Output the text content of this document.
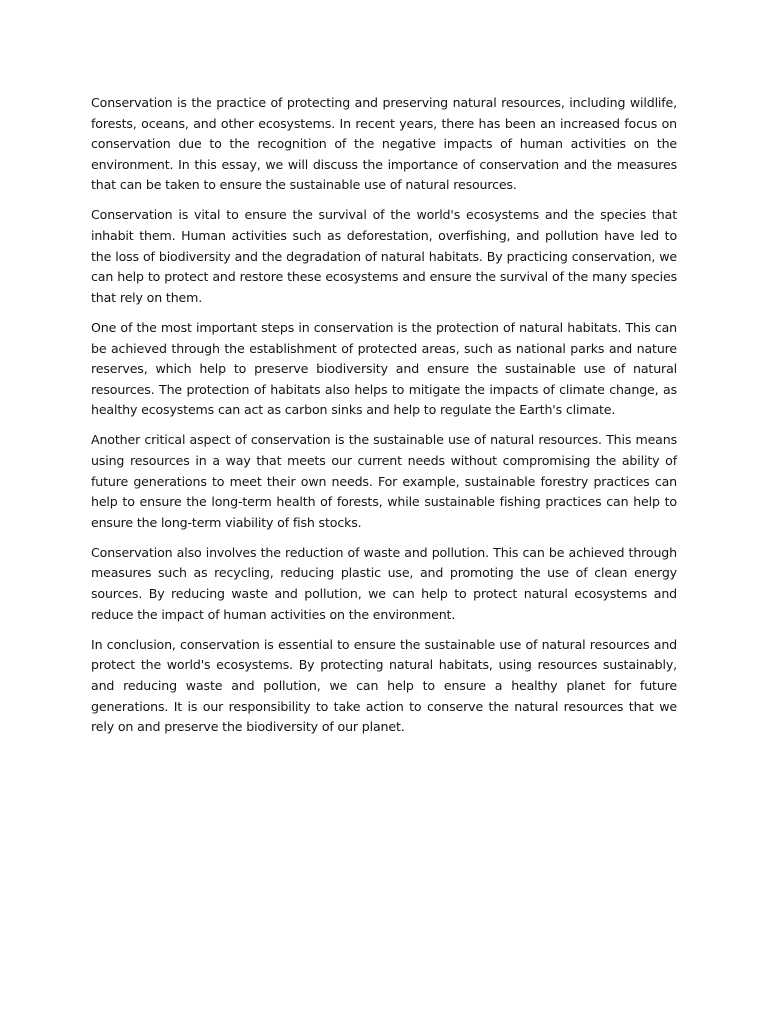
Conservation is the practice of protecting and preserving natural resources, including wildlife, forests, oceans, and other ecosystems. In recent years, there has been an increased focus on conservation due to the recognition of the negative impacts of human activities on the environment. In this essay, we will discuss the importance of conservation and the measures that can be taken to ensure the sustainable use of natural resources.

Conservation is vital to ensure the survival of the world's ecosystems and the species that inhabit them. Human activities such as deforestation, overfishing, and pollution have led to the loss of biodiversity and the degradation of natural habitats. By practicing conservation, we can help to protect and restore these ecosystems and ensure the survival of the many species that rely on them.

One of the most important steps in conservation is the protection of natural habitats. This can be achieved through the establishment of protected areas, such as national parks and nature reserves, which help to preserve biodiversity and ensure the sustainable use of natural resources. The protection of habitats also helps to mitigate the impacts of climate change, as healthy ecosystems can act as carbon sinks and help to regulate the Earth's climate.

Another critical aspect of conservation is the sustainable use of natural resources. This means using resources in a way that meets our current needs without compromising the ability of future generations to meet their own needs. For example, sustainable forestry practices can help to ensure the long-term health of forests, while sustainable fishing practices can help to ensure the long-term viability of fish stocks.

Conservation also involves the reduction of waste and pollution. This can be achieved through measures such as recycling, reducing plastic use, and promoting the use of clean energy sources. By reducing waste and pollution, we can help to protect natural ecosystems and reduce the impact of human activities on the environment.

In conclusion, conservation is essential to ensure the sustainable use of natural resources and protect the world's ecosystems. By protecting natural habitats, using resources sustainably, and reducing waste and pollution, we can help to ensure a healthy planet for future generations. It is our responsibility to take action to conserve the natural resources that we rely on and preserve the biodiversity of our planet.
